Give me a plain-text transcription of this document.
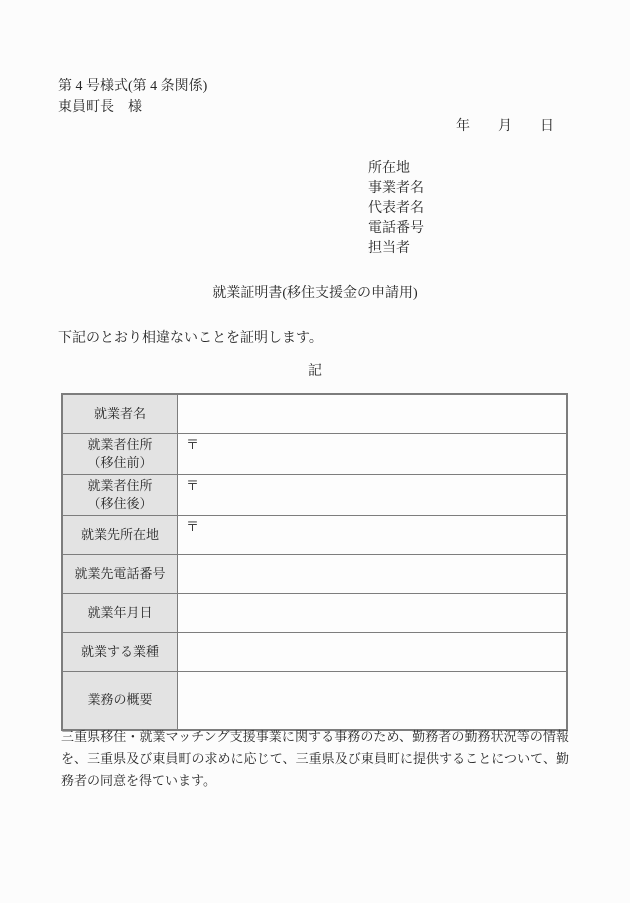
第 4 号様式(第 4 条関係)
東員町長　様
年　　月　　日
所在地
事業者名
代表者名
電話番号
担当者
就業証明書(移住支援金の申請用)
下記のとおり相違ないことを証明します。
記
就業者名	

就業者住所
（移住前）	〒

就業者住所
（移住後）	〒

就業先所在地	〒

就業先電話番号	

就業年月日	

就業する業種	

業務の概要	

三重県移住・就業マッチング支援事業に関する事務のため、勤務者の勤務状況等の情報を、三重県及び東員町の求めに応じて、三重県及び東員町に提供することについて、勤務者の同意を得ています。
